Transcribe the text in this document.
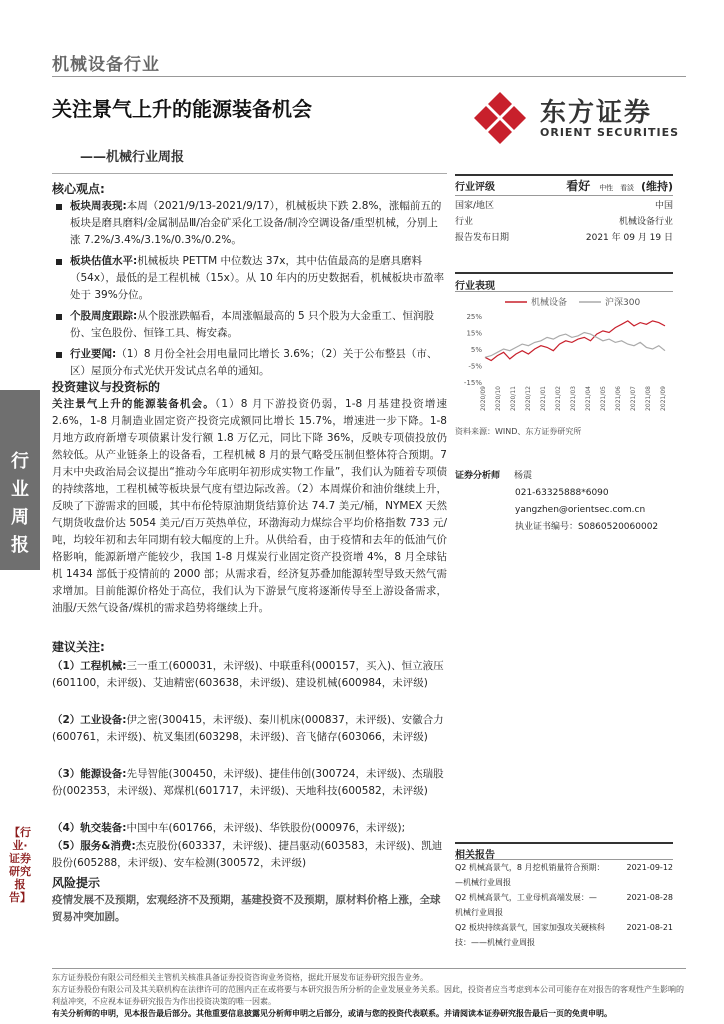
机械设备行业
关注景气上升的能源装备机会
——机械行业周报
东方证券
ORIENT SECURITIES
行业周报
【行业·证券研究报告】
核心观点:
板块周表现:本周（2021/9/13-2021/9/17），机械板块下跌 2.8%，涨幅前五的板块是磨具磨料/金属制品Ⅲ/冶金矿采化工设备/制冷空调设备/重型机械，分别上涨 7.2%/3.4%/3.1%/0.3%/0.2%。
板块估值水平:机械板块 PETTM 中位数达 37x，其中估值最高的是磨具磨料（54x），最低的是工程机械（15x）。从 10 年内的历史数据看，机械板块市盈率处于 39%分位。
个股周度跟踪:从个股涨跌幅看，本周涨幅最高的 5 只个股为大金重工、恒润股份、宝色股份、恒锋工具、梅安森。
行业要闻:（1）8 月份全社会用电量同比增长 3.6%；（2）关于公布整县（市、区）屋顶分布式光伏开发试点名单的通知。
投资建议与投资标的
关注景气上升的能源装备机会。（1）8 月下游投资仍弱，1-8 月基建投资增速 2.6%，1-8 月制造业固定资产投资完成额同比增长 15.7%，增速进一步下降。1-8 月地方政府新增专项债累计发行额 1.8 万亿元，同比下降 36%，反映专项债投放仍然较低。从产业链条上的设备看，工程机械 8 月的景气略受压制但整体符合预期。7 月末中央政治局会议提出“推动今年底明年初形成实物工作量”，我们认为随着专项债的持续落地，工程机械等板块景气度有望边际改善。（2）本周煤价和油价继续上升，反映了下游需求的回暖，其中布伦特原油期货结算价达 74.7 美元/桶，NYMEX 天然气期货收盘价达 5054 美元/百万英热单位，环渤海动力煤综合平均价格指数 733 元/吨，均较年初和去年同期有较大幅度的上升。从供给看，由于疫情和去年的低油气价格影响，能源新增产能较少，我国 1-8 月煤炭行业固定资产投资增 4%，8 月全球钻机 1434 部低于疫情前的 2000 部；从需求看，经济复苏叠加能源转型导致天然气需求增加。目前能源价格处于高位，我们认为下游景气度将逐渐传导至上游设备需求，油服/天然气设备/煤机的需求趋势将继续上升。
建议关注:
（1）工程机械:三一重工(600031，未评级)、中联重科(000157，买入)、恒立液压(601100，未评级)、艾迪精密(603638，未评级)、建设机械(600984，未评级)
（2）工业设备:伊之密(300415，未评级)、秦川机床(000837，未评级)、安徽合力(600761，未评级)、杭叉集团(603298，未评级)、音飞储存(603066，未评级)
（3）能源设备:先导智能(300450，未评级)、捷佳伟创(300724，未评级)、杰瑞股份(002353，未评级)、郑煤机(601717，未评级)、天地科技(600582，未评级)
（4）轨交装备:中国中车(601766，未评级)、华铁股份(000976，未评级);
（5）服务&消费:杰克股份(603337，未评级)、捷昌驱动(603583，未评级)、凯迪股份(605288，未评级)、安车检测(300572，未评级)
风险提示
疫情发展不及预期，宏观经济不及预期，基建投资不及预期，原材料价格上涨，全球贸易冲突加剧。
行业评级	看好 中性 看淡 (维持)
国家/地区	中国
行业	机械设备行业
报告发布日期	2021 年 09 月 19 日
行业表现
机械设备	沪深300
25%
15%
5%
-5%
-15%
2020/09 2020/10 2020/11 2020/12 2021/01 2021/02 2021/03 2021/04 2021/05 2021/06 2021/07 2021/08 2021/09
资料来源：WIND、东方证券研究所
证券分析师 杨震
021-63325888*6090
yangzhen@orientsec.com.cn
执业证书编号：S0860520060002
相关报告
Q2 机械高景气，8 月挖机销量符合预期：	2021-09-12
—机械行业周报
Q2 机械高景气，工业母机高端发展：—	2021-08-28
机械行业周报
Q2 板块持续高景气，国家加强攻关硬核科	2021-08-21
技：——机械行业周报
东方证券股份有限公司经相关主管机关核准具备证券投资咨询业务资格，据此开展发布证券研究报告业务。
东方证券股份有限公司及其关联机构在法律许可的范围内正在或将要与本研究报告所分析的企业发展业务关系。因此，投资者应当考虑到本公司可能存在对报告的客观性产生影响的利益冲突，不应视本证券研究报告为作出投资决策的唯一因素。
有关分析师的申明，见本报告最后部分。其他重要信息披露见分析师申明之后部分，或请与您的投资代表联系。并请阅读本证券研究报告最后一页的免责申明。
